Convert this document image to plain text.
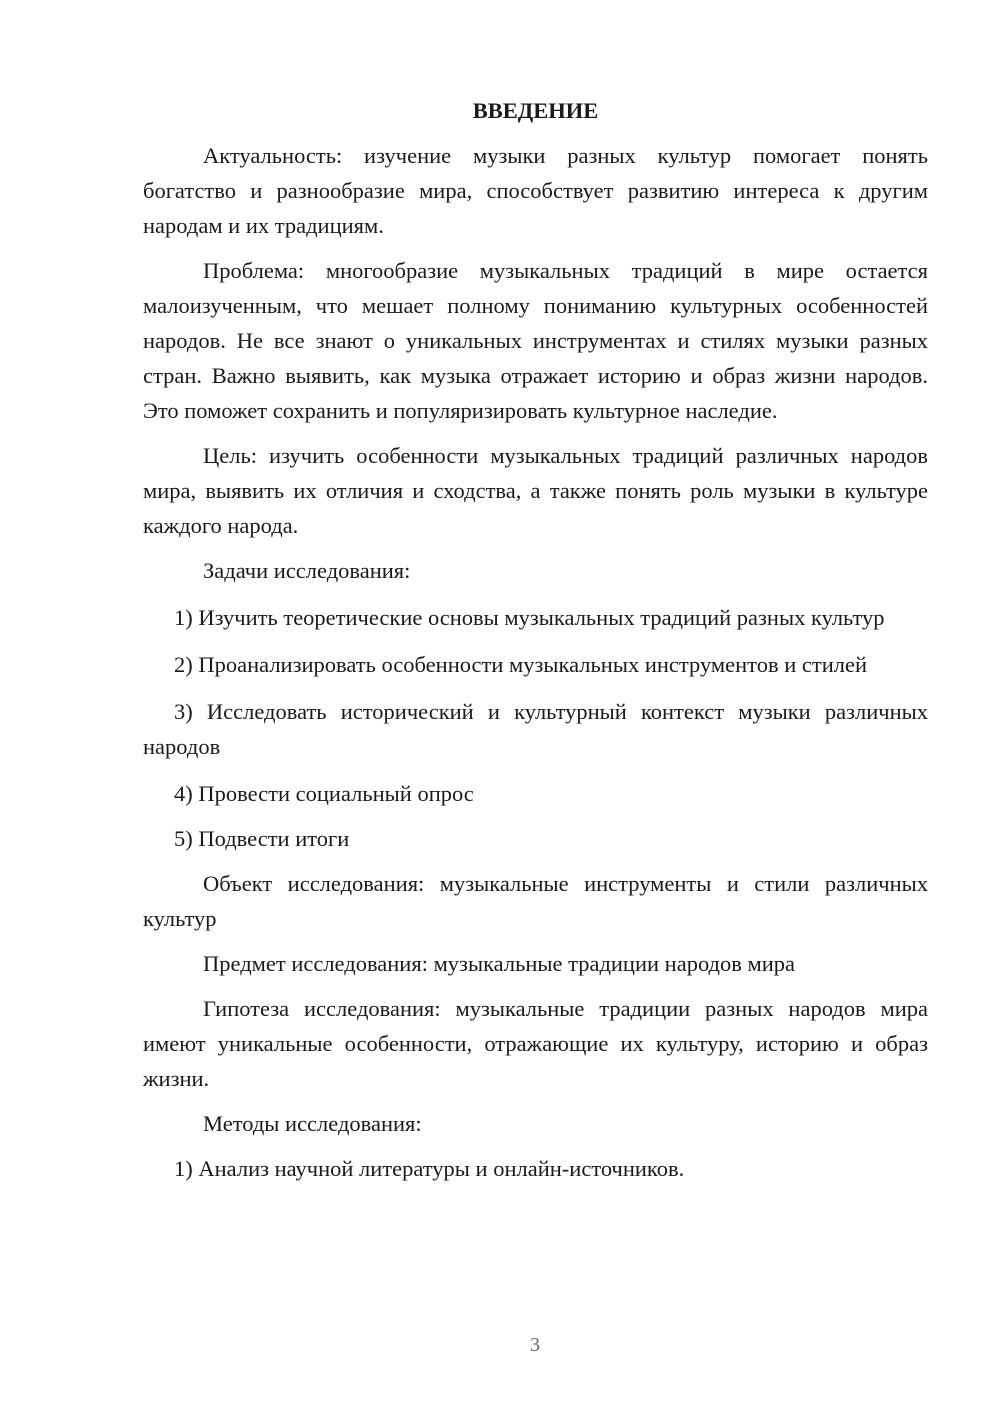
ВВЕДЕНИЕ

Актуальность: изучение музыки разных культур помогает понять богатство и разнообразие мира, способствует развитию интереса к другим народам и их традициям.

Проблема: многообразие музыкальных традиций в мире остается малоизученным, что мешает полному пониманию культурных особенностей народов. Не все знают о уникальных инструментах и стилях музыки разных стран. Важно выявить, как музыка отражает историю и образ жизни народов. Это поможет сохранить и популяризировать культурное наследие.

Цель: изучить особенности музыкальных традиций различных народов мира, выявить их отличия и сходства, а также понять роль музыки в культуре каждого народа.

Задачи исследования:

1) Изучить теоретические основы музыкальных традиций разных культур

2) Проанализировать особенности музыкальных инструментов и стилей

3) Исследовать исторический и культурный контекст музыки различных народов

4) Провести социальный опрос

5) Подвести итоги

Объект исследования: музыкальные инструменты и стили различных культур

Предмет исследования: музыкальные традиции народов мира

Гипотеза исследования: музыкальные традиции разных народов мира имеют уникальные особенности, отражающие их культуру, историю и образ жизни.

Методы исследования:

1) Анализ научной литературы и онлайн-источников.

3
